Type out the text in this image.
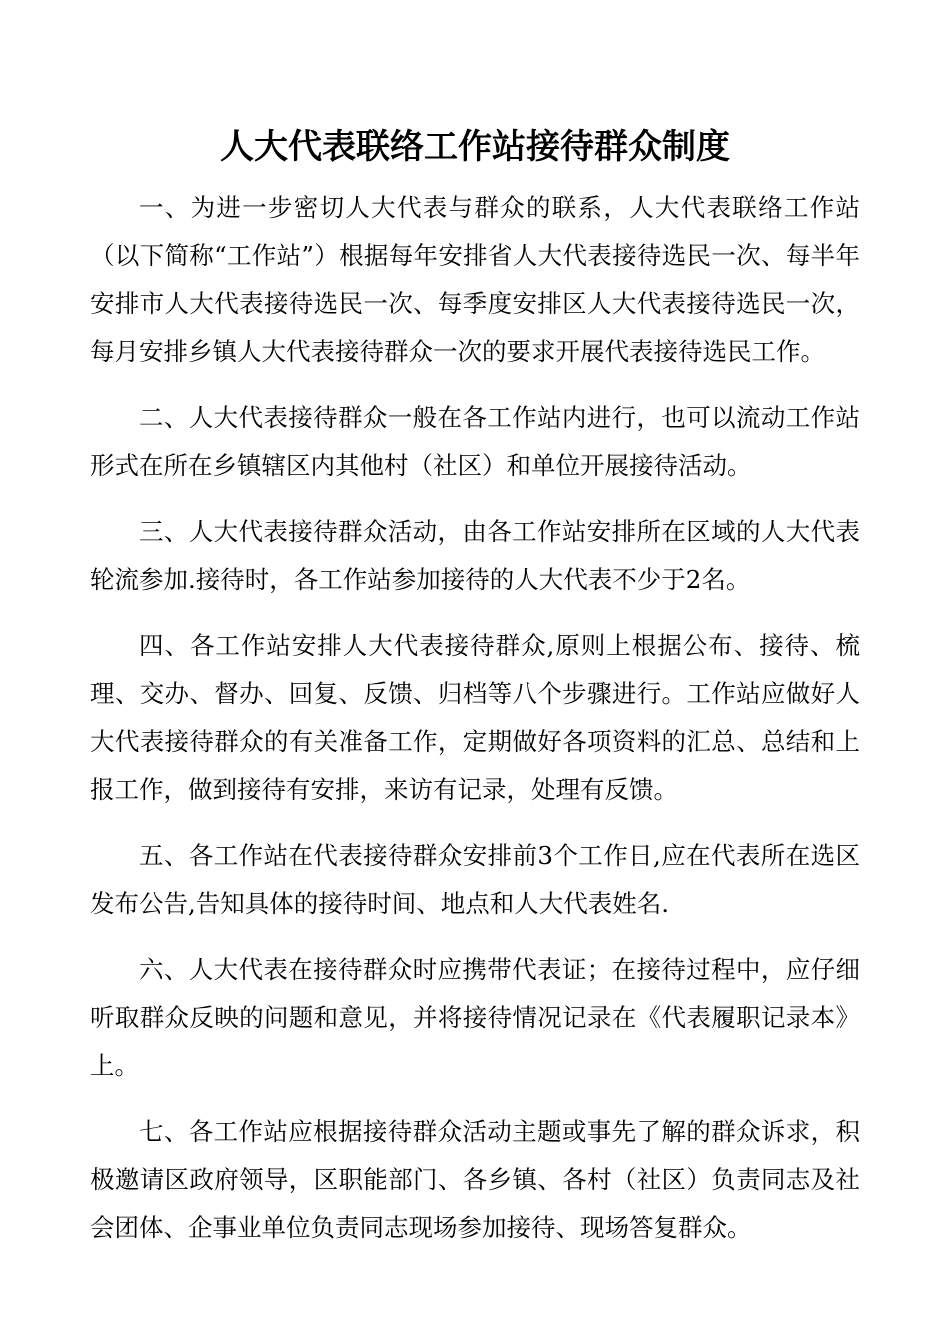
人大代表联络工作站接待群众制度

一、为进一步密切人大代表与群众的联系，人大代表联络工作站（以下简称“工作站”）根据每年安排省人大代表接待选民一次、每半年安排市人大代表接待选民一次、每季度安排区人大代表接待选民一次，每月安排乡镇人大代表接待群众一次的要求开展代表接待选民工作。

二、人大代表接待群众一般在各工作站内进行，也可以流动工作站形式在所在乡镇辖区内其他村（社区）和单位开展接待活动。

三、人大代表接待群众活动，由各工作站安排所在区域的人大代表轮流参加.接待时，各工作站参加接待的人大代表不少于2名。

四、各工作站安排人大代表接待群众,原则上根据公布、接待、梳理、交办、督办、回复、反馈、归档等八个步骤进行。工作站应做好人大代表接待群众的有关准备工作，定期做好各项资料的汇总、总结和上报工作，做到接待有安排，来访有记录，处理有反馈。

五、各工作站在代表接待群众安排前3个工作日,应在代表所在选区发布公告,告知具体的接待时间、地点和人大代表姓名.

六、人大代表在接待群众时应携带代表证；在接待过程中，应仔细听取群众反映的问题和意见，并将接待情况记录在《代表履职记录本》上。

七、各工作站应根据接待群众活动主题或事先了解的群众诉求，积极邀请区政府领导，区职能部门、各乡镇、各村（社区）负责同志及社会团体、企事业单位负责同志现场参加接待、现场答复群众。
